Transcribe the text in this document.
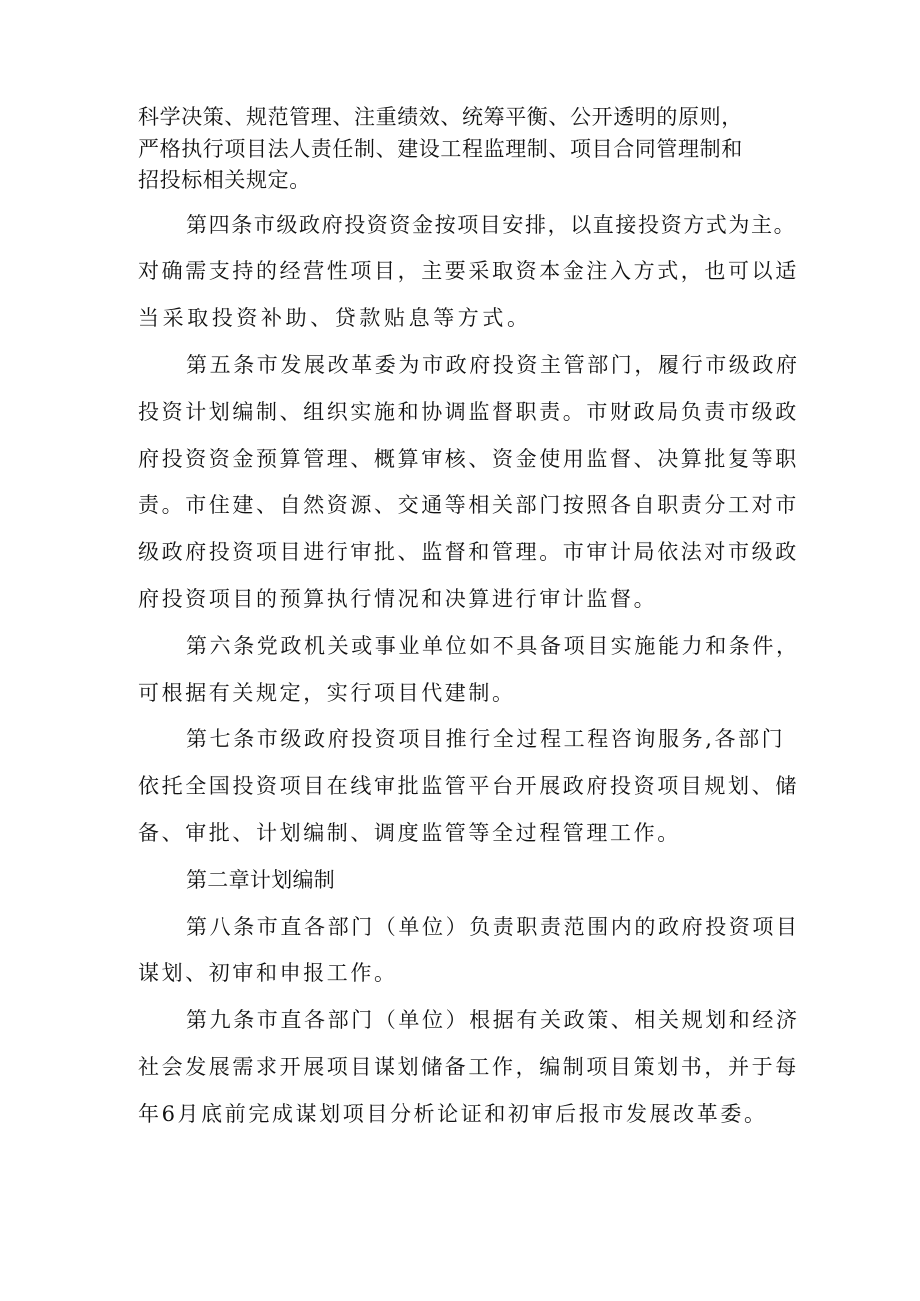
科学决策、规范管理、注重绩效、统筹平衡、公开透明的原则，
严格执行项目法人责任制、建设工程监理制、项目合同管理制和
招投标相关规定。
第四条市级政府投资资金按项目安排，以直接投资方式为主。
对确需支持的经营性项目，主要采取资本金注入方式，也可以适
当采取投资补助、贷款贴息等方式。
第五条市发展改革委为市政府投资主管部门，履行市级政府
投资计划编制、组织实施和协调监督职责。市财政局负责市级政
府投资资金预算管理、概算审核、资金使用监督、决算批复等职
责。市住建、自然资源、交通等相关部门按照各自职责分工对市
级政府投资项目进行审批、监督和管理。市审计局依法对市级政
府投资项目的预算执行情况和决算进行审计监督。
第六条党政机关或事业单位如不具备项目实施能力和条件，
可根据有关规定，实行项目代建制。
第七条市级政府投资项目推行全过程工程咨询服务,各部门
依托全国投资项目在线审批监管平台开展政府投资项目规划、储
备、审批、计划编制、调度监管等全过程管理工作。
第二章计划编制
第八条市直各部门（单位）负责职责范围内的政府投资项目
谋划、初审和申报工作。
第九条市直各部门（单位）根据有关政策、相关规划和经济
社会发展需求开展项目谋划储备工作，编制项目策划书，并于每
年6月底前完成谋划项目分析论证和初审后报市发展改革委。
